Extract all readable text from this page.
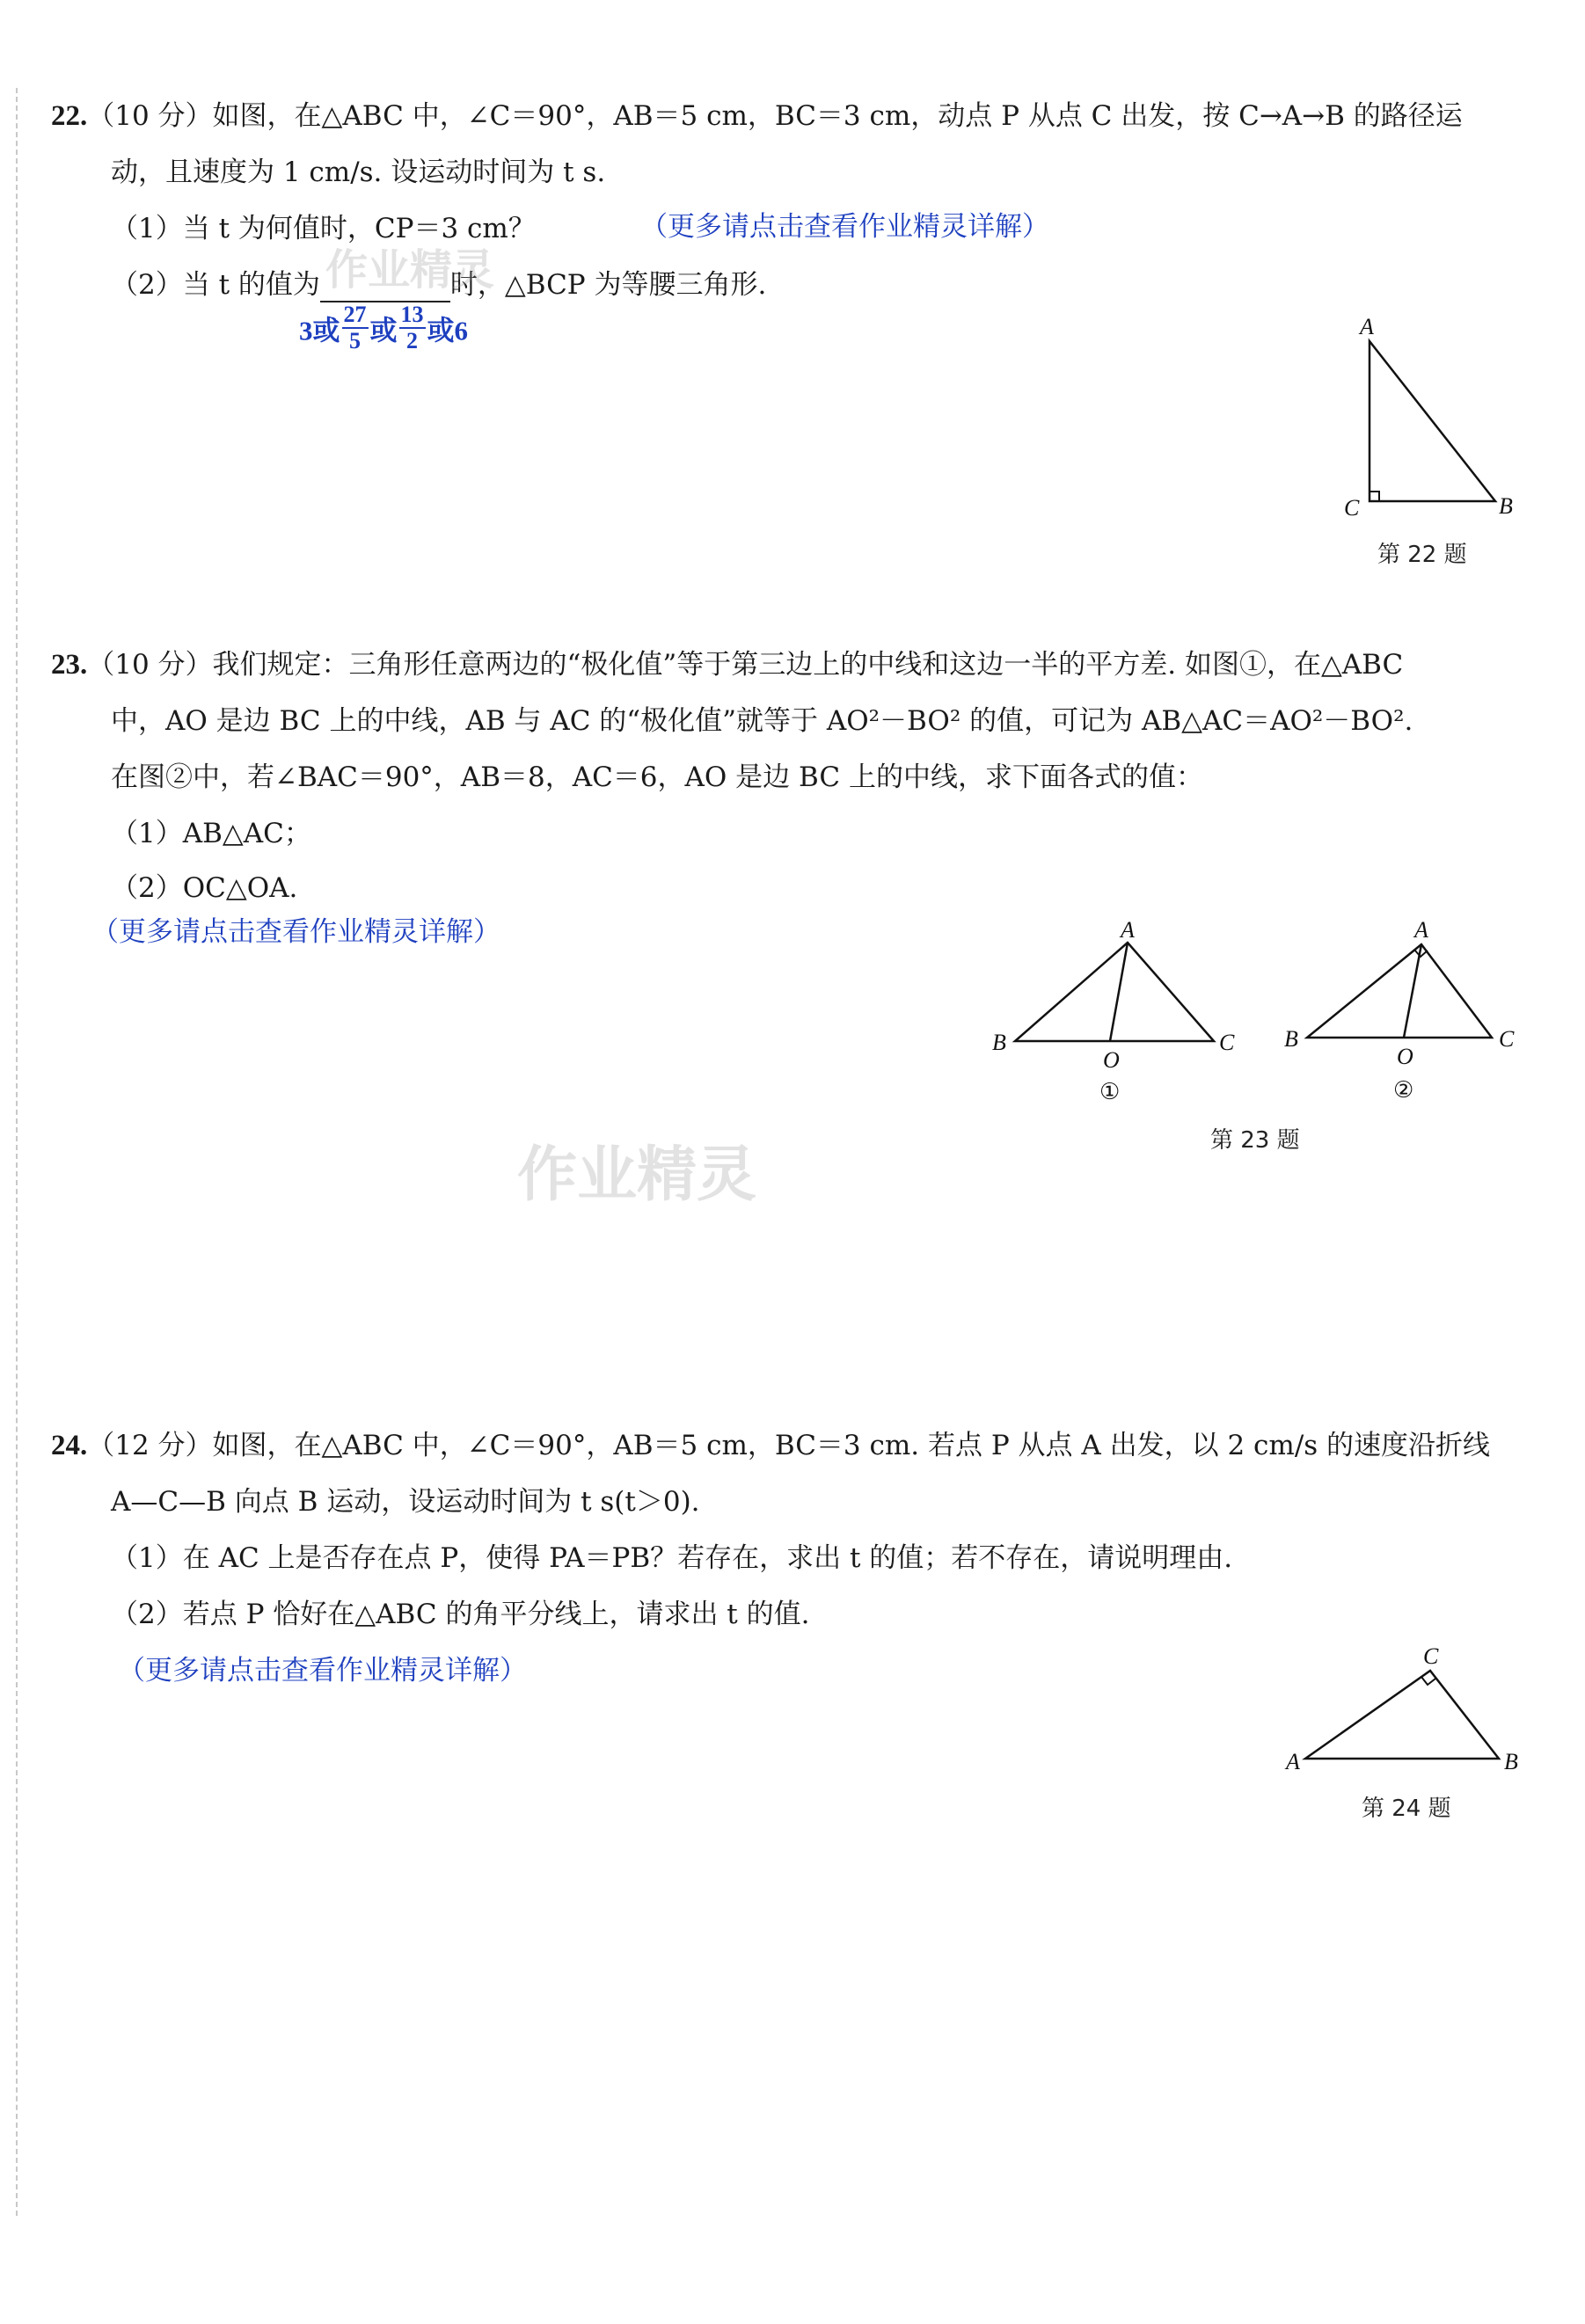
22.（10 分）如图，在△ABC 中，∠C＝90°，AB＝5 cm，BC＝3 cm，动点 P 从点 C 出发，按 C→A→B 的路径运
动，且速度为 1 cm/s. 设运动时间为 t s.
（1）当 t 为何值时，CP＝3 cm？	（更多请点击查看作业精灵详解）
（2）当 t 的值为	时，△BCP 为等腰三角形.
3或 $\frac{27}{5}$ 或 $\frac{13}{2}$ 或6	A
C	B
第 22 题
23.（10 分）我们规定：三角形任意两边的“极化值”等于第三边上的中线和这边一半的平方差. 如图①，在△ABC
中，AO 是边 BC 上的中线，AB 与 AC 的“极化值”就等于 AO²－BO² 的值，可记为 AB△AC＝AO²－BO².
在图②中，若∠BAC＝90°，AB＝8，AC＝6，AO 是边 BC 上的中线，求下面各式的值：
（1）AB△AC；
（2）OC△OA.
（更多请点击查看作业精灵详解）	A
B	C
O
①
A
B	C
O
②
第 23 题
作业精灵
作业精灵
24.（12 分）如图，在△ABC 中，∠C＝90°，AB＝5 cm，BC＝3 cm. 若点 P 从点 A 出发，以 2 cm/s 的速度沿折线
A—C—B 向点 B 运动，设运动时间为 t s(t＞0).
（1）在 AC 上是否存在点 P，使得 PA＝PB？若存在，求出 t 的值；若不存在，请说明理由.
（2）若点 P 恰好在△ABC 的角平分线上，请求出 t 的值.
（更多请点击查看作业精灵详解）	C
A	B
第 24 题
